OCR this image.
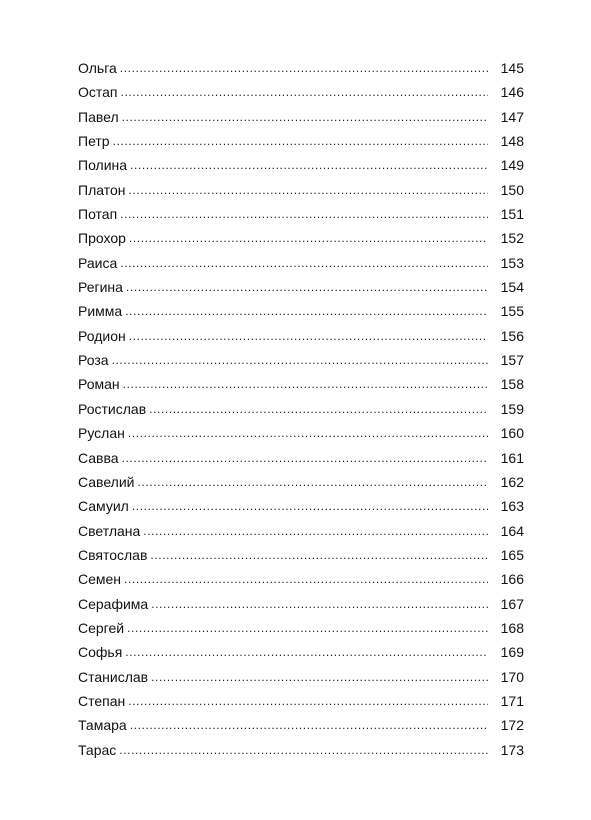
Ольга .....	145
Остап .....	146
Павел .....	147
Петр .....	148
Полина .....	149
Платон .....	150
Потап .....	151
Прохор .....	152
Раиса .....	153
Регина .....	154
Римма .....	155
Родион .....	156
Роза .....	157
Роман .....	158
Ростислав .....	159
Руслан .....	160
Савва .....	161
Савелий .....	162
Самуил .....	163
Светлана .....	164
Святослав .....	165
Семен .....	166
Серафима .....	167
Сергей .....	168
Софья .....	169
Станислав .....	170
Степан .....	171
Тамара .....	172
Тарас .....	173
